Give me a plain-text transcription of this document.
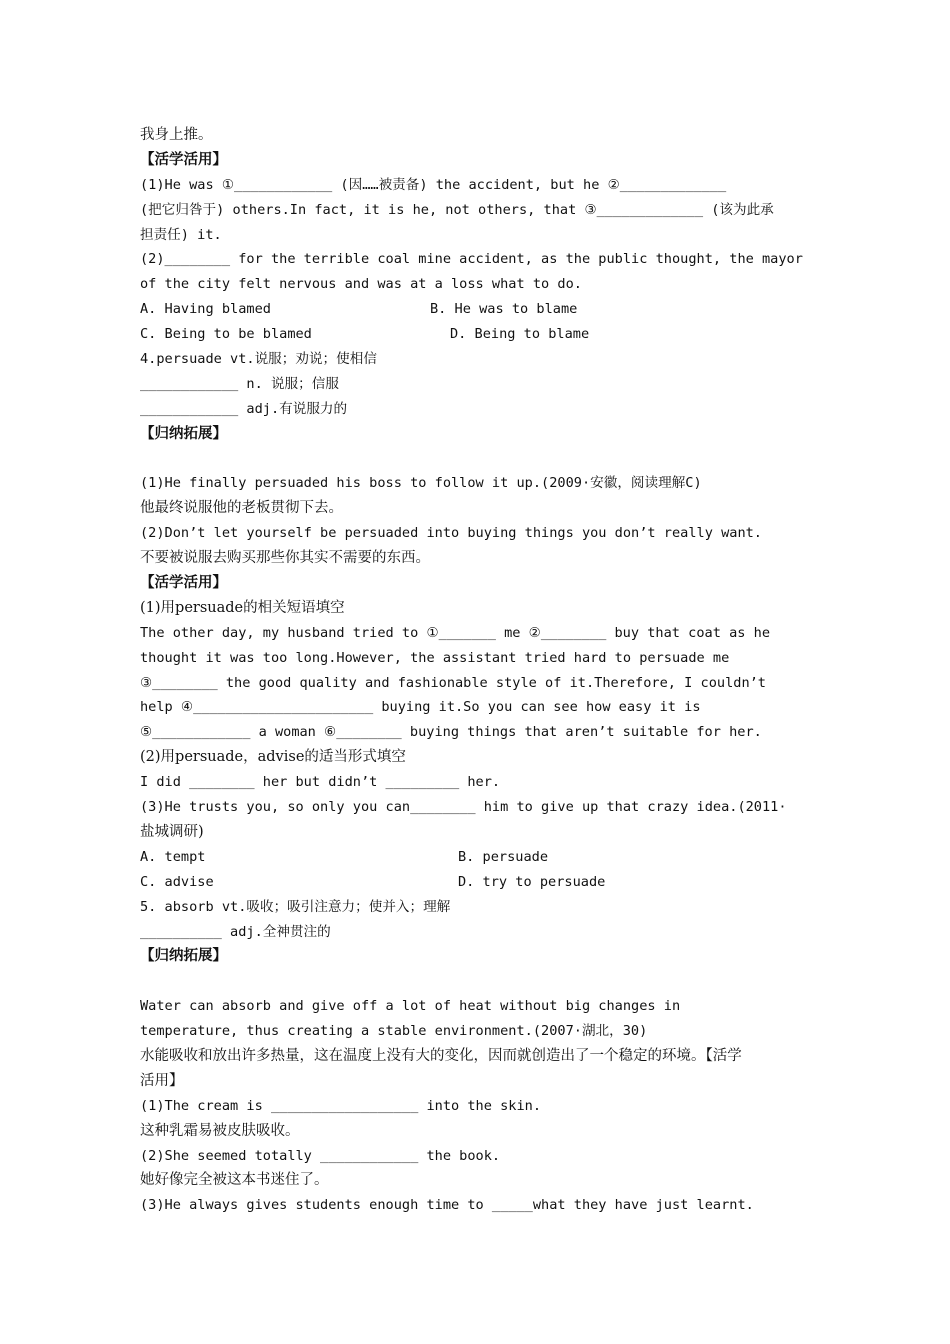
我身上推。
【活学活用】
(1)He was ①____________ (因……被责备) the accident, but he ②_____________
(把它归咎于) others.In fact, it is he, not others, that ③_____________ (该为此承
担责任) it.
(2)________ for the terrible coal mine accident, as the public thought, the mayor
of the city felt nervous and was at a loss what to do.
A. Having blamed	B. He was to blame
C. Being to be blamed	D. Being to blame
4.persuade vt.说服；劝说；使相信
____________ n. 说服；信服
____________ adj.有说服力的
【归纳拓展】
(1)He finally persuaded his boss to follow it up.(2009·安徽，阅读理解C)
他最终说服他的老板贯彻下去。
(2)Don’t let yourself be persuaded into buying things you don’t really want.
不要被说服去购买那些你其实不需要的东西。
【活学活用】
(1)用persuade的相关短语填空
The other day, my husband tried to ①_______ me ②________ buy that coat as he
thought it was too long.However, the assistant tried hard to persuade me
③________ the good quality and fashionable style of it.Therefore, I couldn’t
help ④______________________ buying it.So you can see how easy it is
⑤____________ a woman ⑥________ buying things that aren’t suitable for her.
(2)用persuade，advise的适当形式填空
I did ________ her but didn’t _________ her.
(3)He trusts you, so only you can________ him to give up that crazy idea.(2011·
盐城调研)
A. tempt	B. persuade
C. advise	D. try to persuade
5. absorb vt.吸收；吸引注意力；使并入；理解
__________ adj.全神贯注的
【归纳拓展】
Water can absorb and give off a lot of heat without big changes in
temperature, thus creating a stable environment.(2007·湖北，30)
水能吸收和放出许多热量，这在温度上没有大的变化，因而就创造出了一个稳定的环境。【活学
活用】
(1)The cream is __________________ into the skin.
这种乳霜易被皮肤吸收。
(2)She seemed totally ____________ the book.
她好像完全被这本书迷住了。
(3)He always gives students enough time to _____what they have just learnt.
